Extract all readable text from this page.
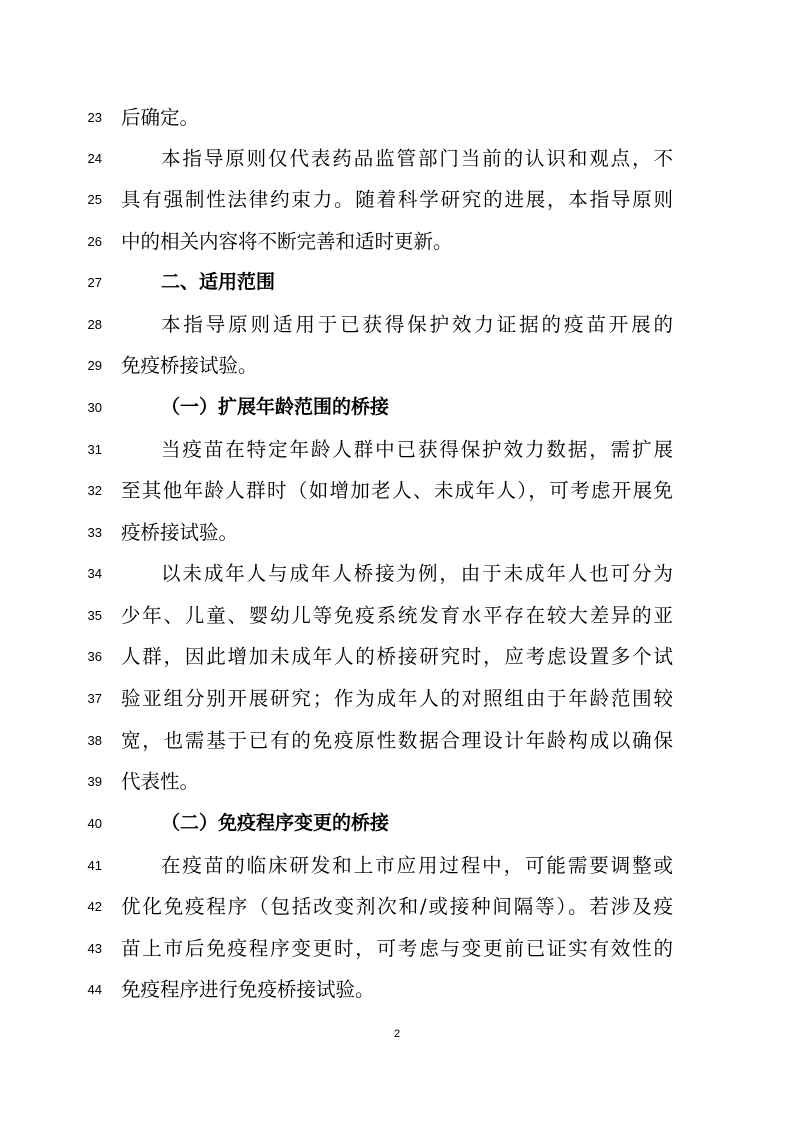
23 后确定。
24	本指导原则仅代表药品监管部门当前的认识和观点，不
25 具有强制性法律约束力。随着科学研究的进展，本指导原则
26 中的相关内容将不断完善和适时更新。
27	二、适用范围
28	本指导原则适用于已获得保护效力证据的疫苗开展的
29 免疫桥接试验。
30	（一）扩展年龄范围的桥接
31	当疫苗在特定年龄人群中已获得保护效力数据，需扩展
32 至其他年龄人群时（如增加老人、未成年人），可考虑开展免
33 疫桥接试验。
34	以未成年人与成年人桥接为例，由于未成年人也可分为
35 少年、儿童、婴幼儿等免疫系统发育水平存在较大差异的亚
36 人群，因此增加未成年人的桥接研究时，应考虑设置多个试
37 验亚组分别开展研究；作为成年人的对照组由于年龄范围较
38 宽，也需基于已有的免疫原性数据合理设计年龄构成以确保
39 代表性。
40	（二）免疫程序变更的桥接
41	在疫苗的临床研发和上市应用过程中，可能需要调整或
42 优化免疫程序（包括改变剂次和/或接种间隔等）。若涉及疫
43 苗上市后免疫程序变更时，可考虑与变更前已证实有效性的
44 免疫程序进行免疫桥接试验。
2
